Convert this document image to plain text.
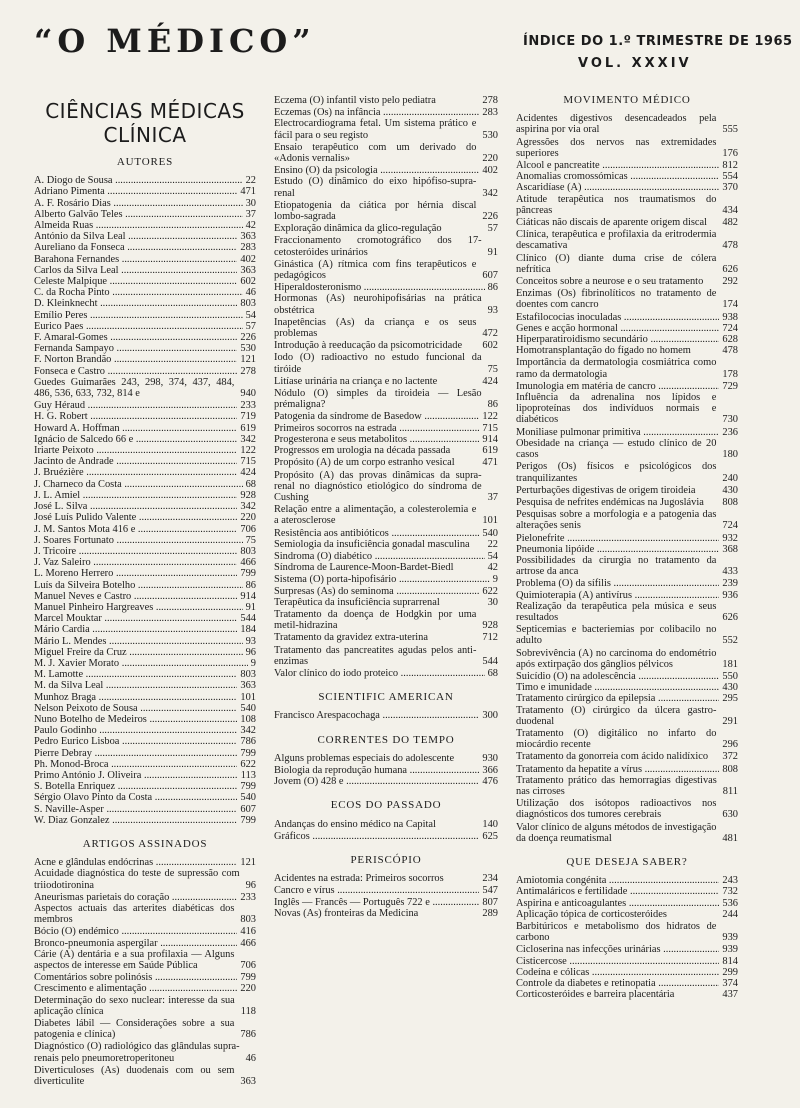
“O MÉDICO”	ÍNDICE DO 1.º TRIMESTRE DE 1965
VOL. XXXIV
CIÊNCIAS MÉDICAS CLÍNICA
AUTORES
A. Diogo de Sousa .....	22
Adriano Pimenta .....	471
A. F. Rosário Dias .....	30
Alberto Galvão Teles .....	37
Almeida Ruas .....	42
António da Silva Leal .....	363
Aureliano da Fonseca .....	283
Barahona Fernandes .....	402
Carlos da Silva Leal .....	363
Celeste Malpique .....	602
C. da Rocha Pinto .....	46
D. Kleinknecht .....	803
Emílio Peres .....	54
Eurico Paes .....	57
F. Amaral-Gomes .....	226
Fernanda Sampayo .....	530
F. Norton Brandão .....	121
Fonseca e Castro .....	278
Guedes Guimarães 243, 298, 374, 437, 484, 486, 536, 633, 732, 814 e	940
Guy Héraud .....	233
H. G. Robert .....	719
Howard A. Hoffman .....	619
Ignácio de Salcedo 66 e .....	342
Iriarte Peixoto .....	122
Jacinto de Andrade .....	715
J. Bruézière .....	424
J. Charneco da Costa .....	68
J. L. Amiel .....	928
José L. Silva .....	342
José Luís Pulido Valente .....	220
J. M. Santos Mota 416 e .....	706
J. Soares Fortunato .....	75
J. Tricoire .....	803
J. Vaz Saleiro .....	466
L. Moreno Herrero .....	799
Luís da Silveira Botelho .....	86
Manuel Neves e Castro .....	914
Manuel Pinheiro Hargreaves .....	91
Marcel Mouktar .....	544
Mário Cardia .....	184
Mário L. Mendes .....	93
Miguel Freire da Cruz .....	96
M. J. Xavier Morato .....	9
M. Lamotte .....	803
M. da Silva Leal .....	363
Munhoz Braga .....	101
Nelson Peixoto de Sousa .....	540
Nuno Botelho de Medeiros .....	108
Paulo Godinho .....	342
Pedro Eurico Lisboa .....	786
Pierre Debray .....	799
Ph. Monod-Broca .....	622
Primo António J. Oliveira .....	113
S. Botella Enriquez .....	799
Sérgio Olavo Pinto da Costa .....	540
S. Naville-Asper .....	607
W. Diaz Gonzalez .....	799
ARTIGOS ASSINADOS
Acne e glândulas endócrinas .....	121
Acuidade diagnóstica do teste de supressão com triiodotironina	96
Aneurismas parietais do coração .....	233
Aspectos actuais das arterites diabéticas dos membros	803
Bócio (O) endémico .....	416
Bronco-pneumonia aspergilar .....	466
Cárie (A) dentária e a sua profilaxia — Alguns aspectos de interesse em Saúde Pública	706
Comentários sobre polinósis .....	799
Crescimento e alimentação .....	220
Determinação do sexo nuclear: interesse da sua aplicação clínica	118
Diabetes lábil — Considerações sobre a sua patogenia e clínica)	786
Diagnóstico (O) radiológico das glândulas supra-renais pelo pneumoretroperitoneu	46
Diverticuloses (As) duodenais com ou sem diverticulite	363
Eczema (O) infantil visto pelo pediatra	278
Eczemas (Os) na infância .....	283
Electrocardiograma fetal. Um sistema prático e fácil para o seu registo	530
Ensaio terapêutico com um derivado do «Adonis vernalis»	220
Ensino (O) da psicologia .....	402
Estudo (O) dinâmico do eixo hipófiso-supra-renal	342
Etiopatogenia da ciática por hérnia discal lombo-sagrada	226
Exploração dinâmica da glico-regulação	57
Fraccionamento cromotográfico dos 17-cetosteróides urinários	91
Ginástica (A) rítmica com fins terapêuticos e pedagógicos	607
Hiperaldosteronismo .....	86
Hormonas (As) neurohipofisárias na prática obstétrica	93
Inapetências (As) da criança e os seus problemas	472
Introdução à reeducação da psicomotricidade	602
Iodo (O) radioactivo no estudo funcional da tiróide	75
Litíase urinária na criança e no lactente	424
Nódulo (O) simples da tiroideia — Lesão prémaligna?	86
Patogenia da síndrome de Basedow .....	122
Primeiros socorros na estrada .....	715
Progesterona e seus metabolitos .....	914
Progressos em urologia na década passada	619
Propósito (A) de um corpo estranho vesical	471
Propósito (A) das provas dinâmicas da supra-renal no diagnóstico etiológico do síndroma de Cushing	37
Relação entre a alimentação, a colesterolemia e a aterosclerose	101
Resistência aos antibióticos .....	540
Semiologia da insuficiência gonadal masculina	22
Sindroma (O) diabético .....	54
Síndroma de Laurence-Moon-Bardet-Biedl	42
Sistema (O) porta-hipofisário .....	9
Surpresas (As) do seminoma .....	622
Terapêutica da insuficiência suprarrenal	30
Tratamento da doença de Hodgkin por uma metil-hidrazina	928
Tratamento da gravidez extra-uterina	712
Tratamento das pancreatites agudas pelos anti-enzimas	544
Valor clínico do iodo proteico .....	68
SCIENTIFIC AMERICAN
Francisco Arespacochaga .....	300
CORRENTES DO TEMPO
Alguns problemas especiais do adolescente	930
Biologia da reprodução humana .....	366
Jovem (O) 428 e .....	476
ECOS DO PASSADO
Andanças do ensino médico na Capital	140
Gráficos .....	625
PERISCÓPIO
Acidentes na estrada: Primeiros socorros	234
Cancro e vírus .....	547
Inglês — Francês — Português 722 e .....	807
Novas (As) fronteiras da Medicina	289
MOVIMENTO MÉDICO
Acidentes digestivos desencadeados pela aspirina por via oral	555
Agressões dos nervos nas extremidades superiores	176
Álcool e pancreatite .....	812
Anomalias cromossómicas .....	554
Ascaridíase (A) .....	370
Atitude terapêutica nos traumatismos do pâncreas	434
Ciáticas não discais de aparente origem discal	482
Clínica, terapêutica e profilaxia da eritrodermia descamativa	478
Clínico (O) diante duma crise de cólera nefrítica	626
Conceitos sobre a neurose e o seu tratamento	292
Enzimas (Os) fibrinolíticos no tratamento de doentes com cancro	174
Estafilococias inoculadas .....	938
Genes e acção hormonal .....	724
Hiperparatiroidismo secundário .....	628
Homotransplantação do fígado no homem	478
Importância da dermatologia cosmiátrica como ramo da dermatologia	178
Imunologia em matéria de cancro .....	729
Influência da adrenalina nos lípidos e lipoproteínas dos indivíduos normais e diabéticos	730
Moniliase pulmonar primitiva .....	236
Obesidade na criança — estudo clínico de 20 casos	180
Perigos (Os) físicos e psicológicos dos tranquilizantes	240
Perturbações digestivas de origem tiroideia	430
Pesquisa de nefrites endémicas na Jugoslávia	808
Pesquisas sobre a morfologia e a patogenia das alterações senis	724
Pielonefrite .....	932
Pneumonia lipóide .....	368
Possibilidades da cirurgia no tratamento da artrose da anca	433
Problema (O) da sífilis .....	239
Quimioterapia (A) antivírus .....	936
Realização da terapêutica pela música e seus resultados	626
Septicemias e bacteriemias por colibacilo no adulto	552
Sobrevivência (A) no carcinoma do endométrio após extirpação dos gânglios pélvicos	181
Suicídio (O) na adolescência .....	550
Timo e imunidade .....	430
Tratamento cirúrgico da epilepsia .....	295
Tratamento (O) cirúrgico da úlcera gastro-duodenal	291
Tratamento (O) digitálico no infarto do miocárdio recente	296
Tratamento da gonorreia com ácido nalidíxico	372
Tratamento da hepatite a vírus .....	808
Tratamento prático das hemorragias digestivas nas cirroses	811
Utilização dos isótopos radioactivos nos diagnósticos dos tumores cerebrais	630
Valor clínico de alguns métodos de investigação da doença reumatismal	481
QUE DESEJA SABER?
Amiotomia congénita .....	243
Antimaláricos e fertilidade .....	732
Aspirina e anticoagulantes .....	536
Aplicação tópica de corticosteróides	244
Barbitúricos e metabolismo dos hidratos de carbono	939
Cicloserina nas infecções urinárias .....	939
Cisticercose .....	814
Codeína e cólicas .....	299
Controle da diabetes e retinopatia .....	374
Corticosteróides e barreira placentária	437
